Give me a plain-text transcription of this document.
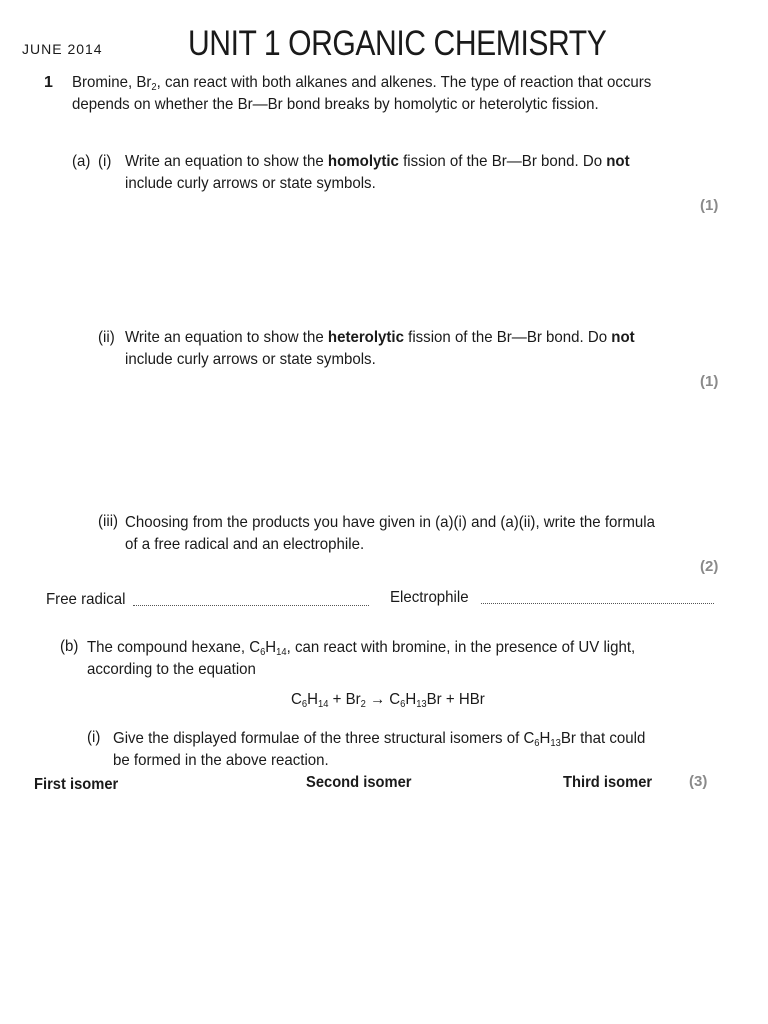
JUNE 2014 UNIT 1 ORGANIC CHEMISRTY
1 Bromine, $Br_2$, can react with both alkanes and alkenes. The type of reaction that occurs depends on whether the Br—Br bond breaks by homolytic or heterolytic fission.
(a) (i) Write an equation to show the homolytic fission of the Br—Br bond. Do not include curly arrows or state symbols.
(1)
(ii) Write an equation to show the heterolytic fission of the Br—Br bond. Do not include curly arrows or state symbols.
(1)
(iii) Choosing from the products you have given in (a)(i) and (a)(ii), write the formula of a free radical and an electrophile.
(2)
Free radical	Electrophile
(b) The compound hexane, $C_6H_{14}$, can react with bromine, in the presence of UV light, according to the equation
$C_6H_{14} + Br_2 \to C_6H_{13}Br$ + HBr
(i) Give the displayed formulae of the three structural isomers of $C_6H_{13}Br$ that could be formed in the above reaction.
First isomer	Second isomer	Third isomer (3)
